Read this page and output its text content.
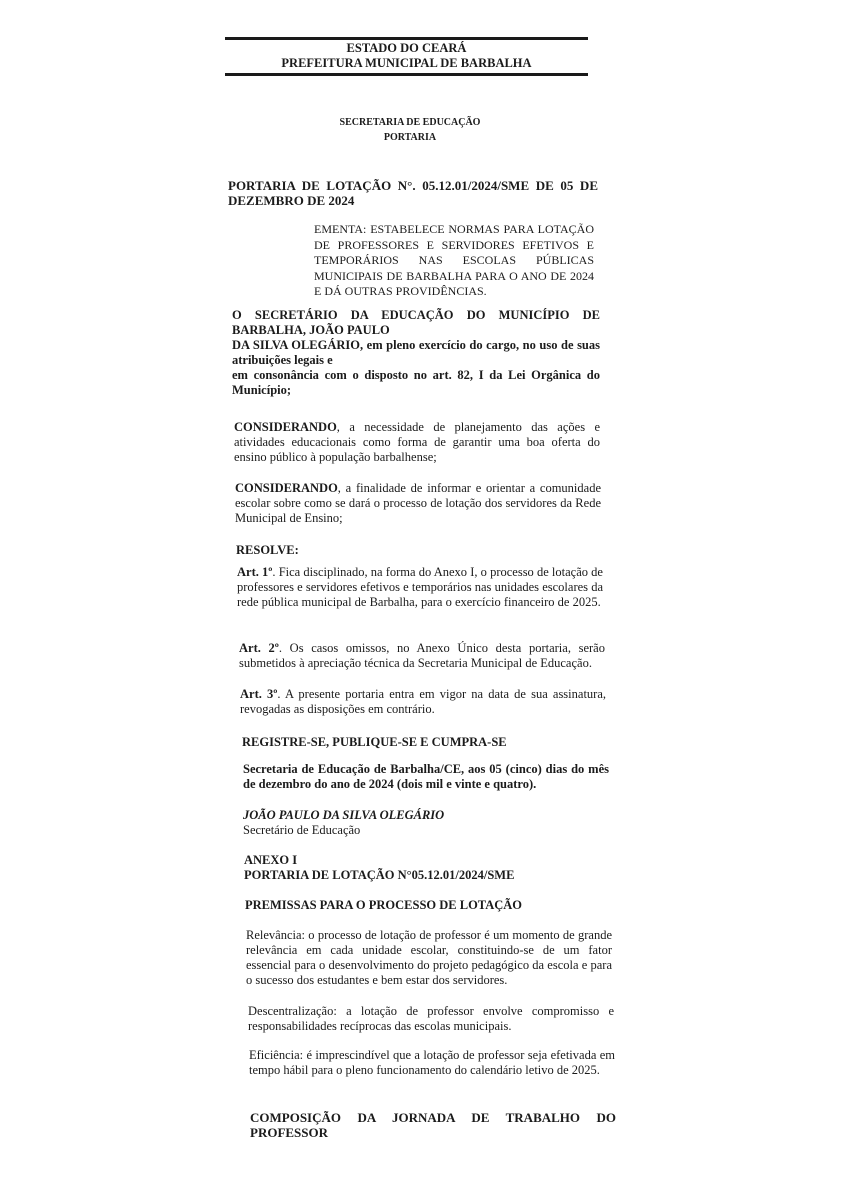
ESTADO DO CEARÁ
PREFEITURA MUNICIPAL DE BARBALHA
SECRETARIA DE EDUCAÇÃO
PORTARIA
PORTARIA DE LOTAÇÃO N°. 05.12.01/2024/SME DE 05 DE DEZEMBRO DE 2024
EMENTA: ESTABELECE NORMAS PARA LOTAÇÃO DE PROFESSORES E SERVIDORES EFETIVOS E TEMPORÁRIOS NAS ESCOLAS PÚBLICAS MUNICIPAIS DE BARBALHA PARA O ANO DE 2024 E DÁ OUTRAS PROVIDÊNCIAS.
O SECRETÁRIO DA EDUCAÇÃO DO MUNICÍPIO DE BARBALHA, JOÃO PAULO
DA SILVA OLEGÁRIO, em pleno exercício do cargo, no uso de suas atribuições legais e
em consonância com o disposto no art. 82, I da Lei Orgânica do Município;

CONSIDERANDO, a necessidade de planejamento das ações e atividades educacionais como forma de garantir uma boa oferta do ensino público à população barbalhense;

CONSIDERANDO, a finalidade de informar e orientar a comunidade escolar sobre como se dará o processo de lotação dos servidores da Rede Municipal de Ensino;

RESOLVE:

Art. 1º. Fica disciplinado, na forma do Anexo I, o processo de lotação de professores e servidores efetivos e temporários nas unidades escolares da rede pública municipal de Barbalha, para o exercício financeiro de 2025.

Art. 2º. Os casos omissos, no Anexo Único desta portaria, serão submetidos à apreciação técnica da Secretaria Municipal de Educação.

Art. 3º. A presente portaria entra em vigor na data de sua assinatura, revogadas as disposições em contrário.

REGISTRE-SE, PUBLIQUE-SE E CUMPRA-SE

Secretaria de Educação de Barbalha/CE, aos 05 (cinco) dias do mês de dezembro do ano de 2024 (dois mil e vinte e quatro).

JOÃO PAULO DA SILVA OLEGÁRIO
Secretário de Educação
ANEXO I
PORTARIA DE LOTAÇÃO N°05.12.01/2024/SME
PREMISSAS PARA O PROCESSO DE LOTAÇÃO

Relevância: o processo de lotação de professor é um momento de grande relevância em cada unidade escolar, constituindo-se de um fator essencial para o desenvolvimento do projeto pedagógico da escola e para o sucesso dos estudantes e bem estar dos servidores.

Descentralização: a lotação de professor envolve compromisso e responsabilidades recíprocas das escolas municipais.

Eficiência: é imprescindível que a lotação de professor seja efetivada em tempo hábil para o pleno funcionamento do calendário letivo de 2025.

COMPOSIÇÃO DA JORNADA DE TRABALHO DO PROFESSOR
